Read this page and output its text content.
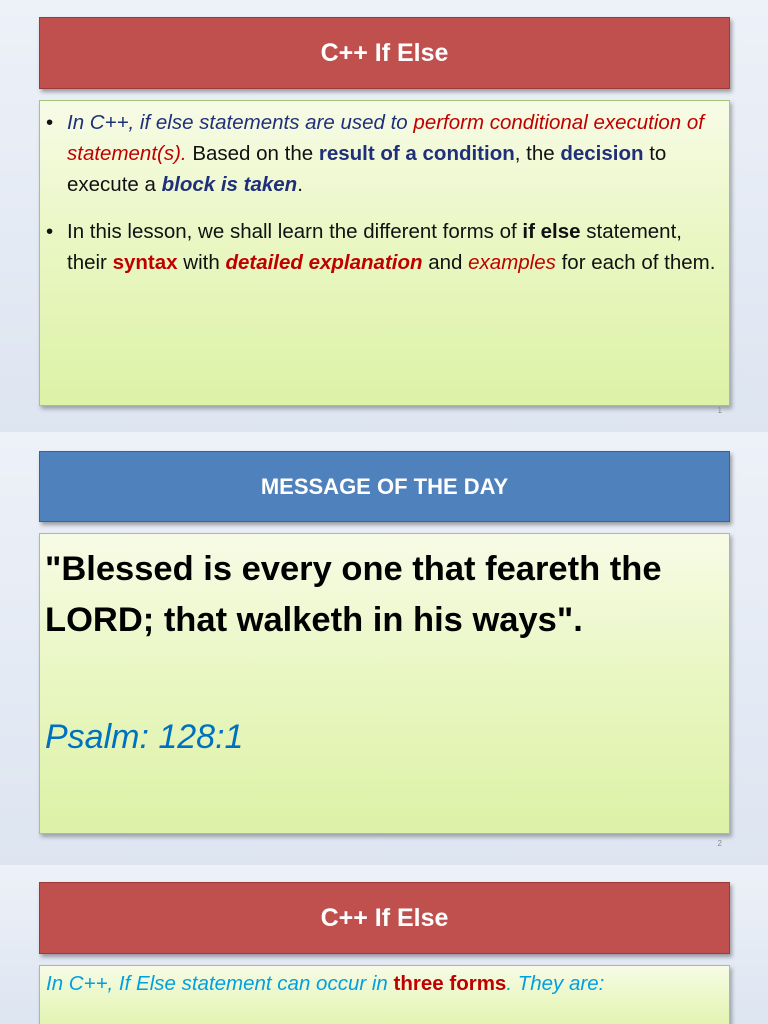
C++ If Else
• In C++, if else statements are used to perform conditional execution of statement(s). Based on the result of a condition, the decision to execute a block is taken.
• In this lesson, we shall learn the different forms of if else statement, their syntax with detailed explanation and examples for each of them.
1
MESSAGE OF THE DAY
"Blessed is every one that feareth the LORD; that walketh in his ways".
Psalm: 128:1
2
C++ If Else
In C++, If Else statement can occur in three forms. They are:
